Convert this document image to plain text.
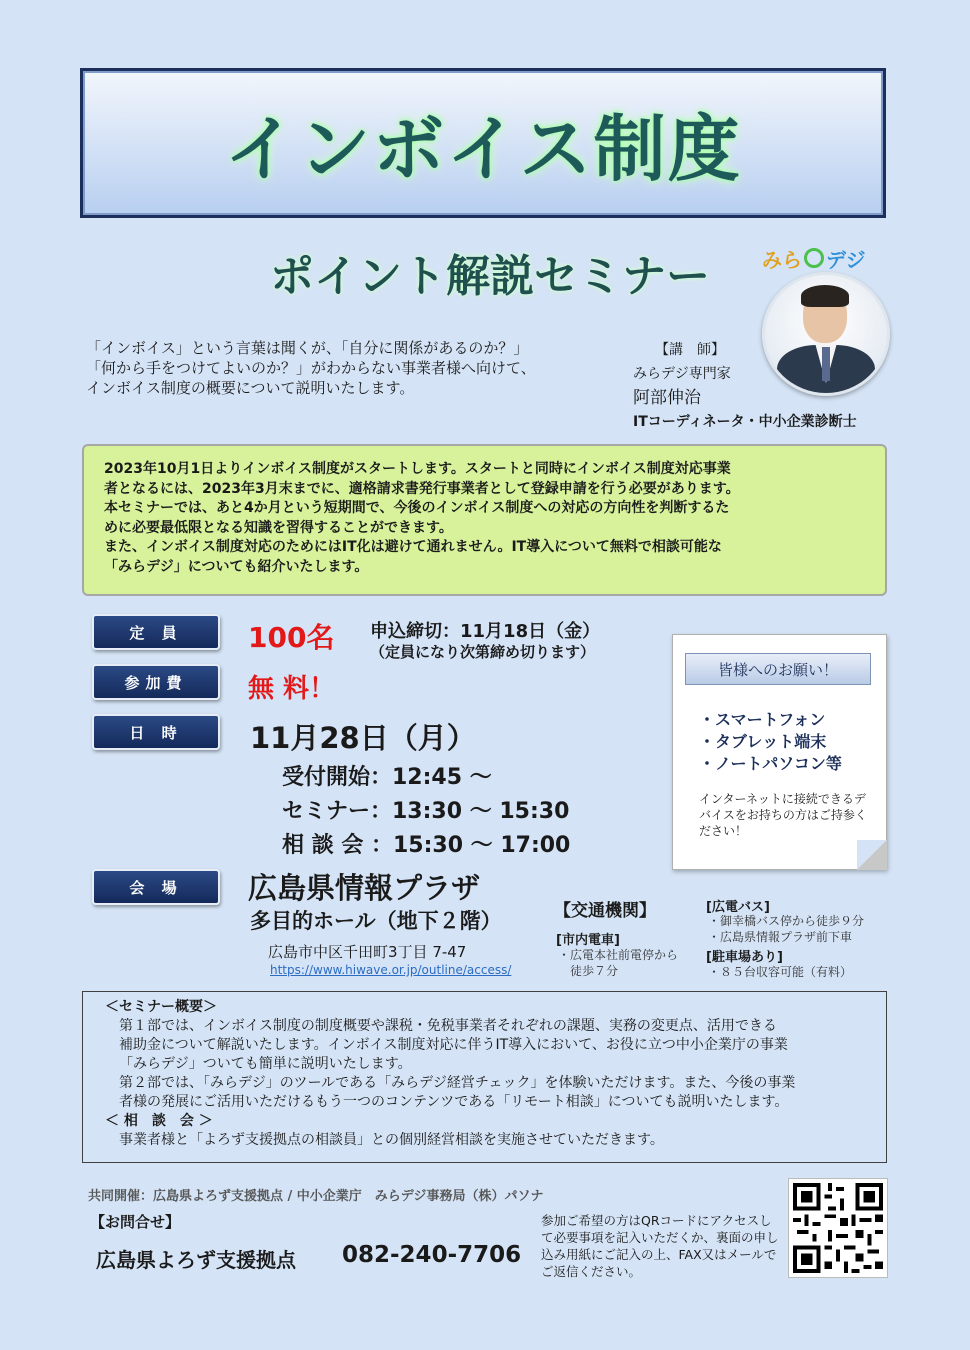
インボイス制度
ポイント解説セミナー	みら デジ
「インボイス」という言葉は聞くが、「自分に関係があるのか？」
「何から手をつけてよいのか？」がわからない事業者様へ向けて、
インボイス制度の概要について説明いたします。
【講　師】
みらデジ専門家
阿部伸治
ITコーディネータ・中小企業診断士
2023年10月1日よりインボイス制度がスタートします。スタートと同時にインボイス制度対応事業
者となるには、2023年3月末までに、適格請求書発行事業者として登録申請を行う必要があります。
本セミナーでは、あと4か月という短期間で、今後のインボイス制度への対応の方向性を判断するた
めに必要最低限となる知識を習得することができます。
また、インボイス制度対応のためにはIT化は避けて通れません。IT導入について無料で相談可能な
「みらデジ」についても紹介いたします。
定 員	100名 申込締切：11月18日（金）
（定員になり次第締め切ります）
参加費	無 料！
日 時	11月28日（月）
受付開始：12:45 ～
セミナー：13:30 ～ 15:30
相 談 会 ：15:30 ～ 17:00
会 場	広島県情報プラザ
多目的ホール（地下２階）
広島市中区千田町3丁目 7-47
https://www.hiwave.or.jp/outline/access/
【交通機関】
[市内電車]
・広電本社前電停から
　徒歩７分
[広電バス]
・御幸橋バス停から徒歩９分
・広島県情報プラザ前下車
[駐車場あり]
・８５台収容可能（有料）
皆様へのお願い！
・スマートフォン
・タブレット端末
・ノートパソコン等
インターネットに接続できるデバイスをお持ちの方はご持参ください！
＜セミナー概要＞
第１部では、インボイス制度の制度概要や課税・免税事業者それぞれの課題、実務の変更点、活用できる
補助金について解説いたします。インボイス制度対応に伴うIT導入において、お役に立つ中小企業庁の事業
「みらデジ」ついても簡単に説明いたします。
第２部では、「みらデジ」のツールである「みらデジ経営チェック」を体験いただけます。また、今後の事業
者様の発展にご活用いただけるもう一つのコンテンツである「リモート相談」についても説明いたします。
＜ 相　談　会 ＞
事業者様と「よろず支援拠点の相談員」との個別経営相談を実施させていただきます。
共同開催：広島県よろず支援拠点 / 中小企業庁　みらデジ事務局（株）パソナ
【お問合せ】
広島県よろず支援拠点 082-240-7706
参加ご希望の方はQRコードにアクセスして必要事項を記入いただくか、裏面の申し込み用紙にご記入の上、FAX又はメールでご返信ください。
